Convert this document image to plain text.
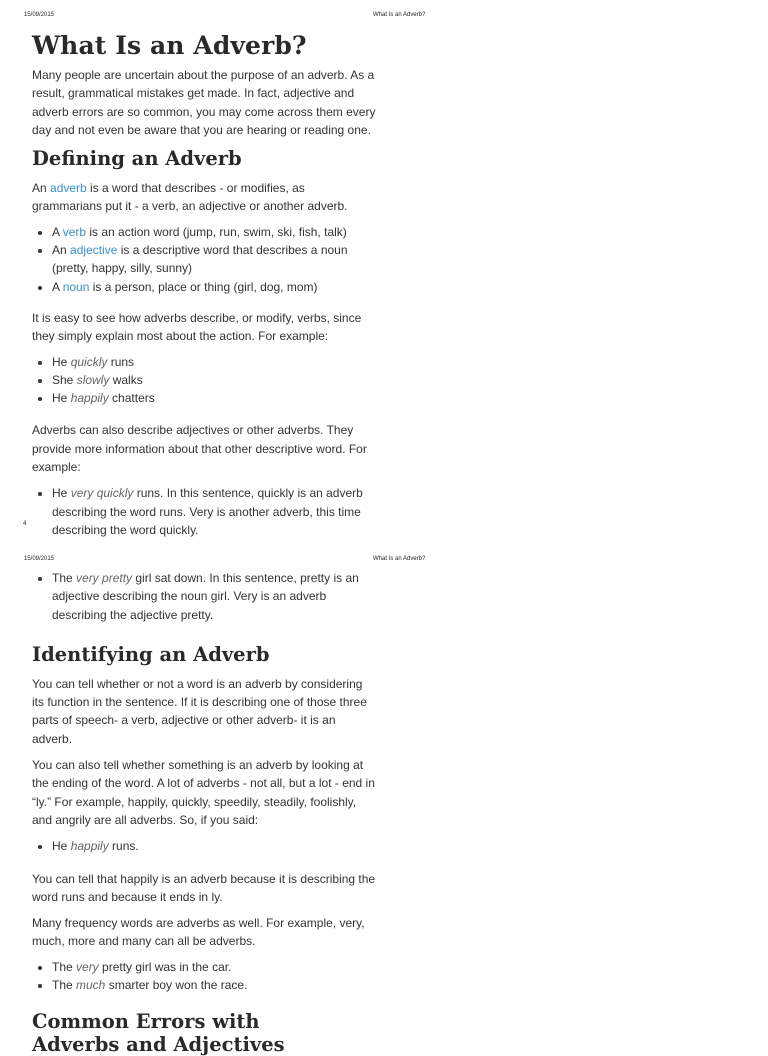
15/09/2015	What Is an Adverb?
What Is an Adverb?

Many people are uncertain about the purpose of an adverb. As a result, grammatical mistakes get made. In fact, adjective and adverb errors are so common, you may come across them every day and not even be aware that you are hearing or reading one.

Defining an Adverb

An adverb is a word that describes - or modifies, as grammarians put it - a verb, an adjective or another adverb.

• A verb is an action word (jump, run, swim, ski, fish, talk)
• An adjective is a descriptive word that describes a noun (pretty, happy, silly, sunny)
• A noun is a person, place or thing (girl, dog, mom)

It is easy to see how adverbs describe, or modify, verbs, since they simply explain most about the action. For example:

• He quickly runs
• She slowly walks
• He happily chatters

Adverbs can also describe adjectives or other adverbs. They provide more information about that other descriptive word. For example:

• He very quickly runs. In this sentence, quickly is an adverb describing the word runs. Very is another adverb, this time describing the word quickly.
4
15/09/2015	What Is an Adverb?
• The very pretty girl sat down. In this sentence, pretty is an adjective describing the noun girl. Very is an adverb describing the adjective pretty.
Identifying an Adverb

You can tell whether or not a word is an adverb by considering its function in the sentence. If it is describing one of those three parts of speech- a verb, adjective or other adverb- it is an adverb.

You can also tell whether something is an adverb by looking at the ending of the word. A lot of adverbs - not all, but a lot - end in “ly.” For example, happily, quickly, speedily, steadily, foolishly, and angrily are all adverbs. So, if you said:

• He happily runs.

You can tell that happily is an adverb because it is describing the word runs and because it ends in ly.

Many frequency words are adverbs as well. For example, very, much, more and many can all be adverbs.

• The very pretty girl was in the car.
• The much smarter boy won the race.
Common Errors with Adverbs and Adjectives
